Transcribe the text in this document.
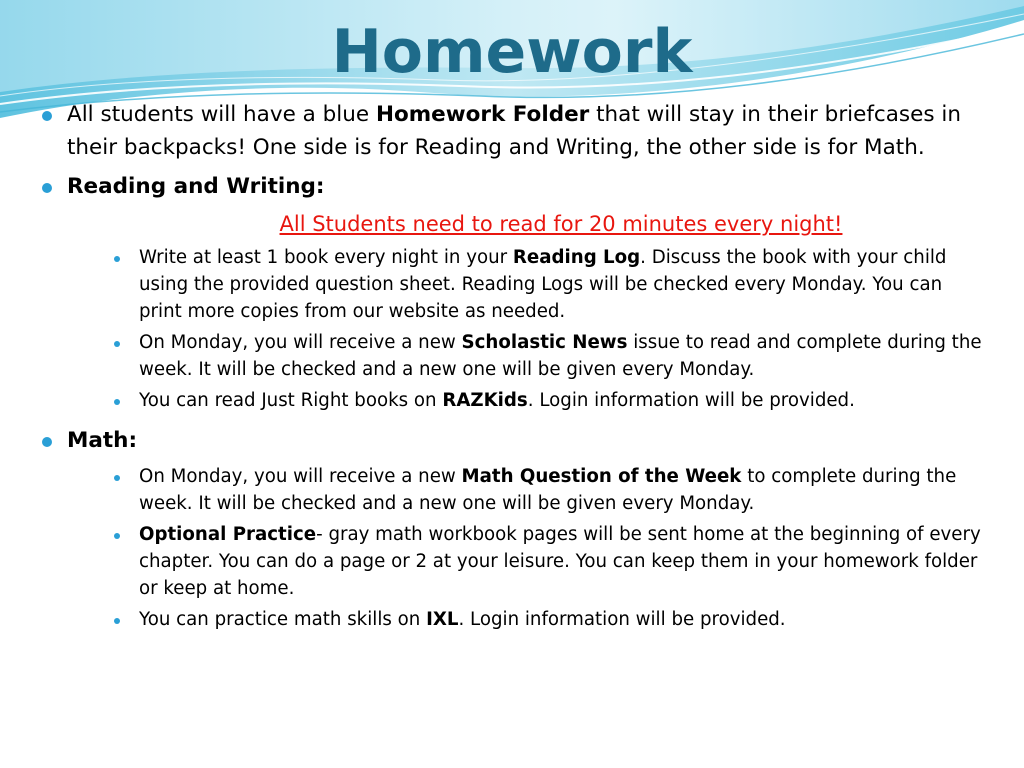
Homework
All students will have a blue Homework Folder that will stay in their briefcases in their backpacks! One side is for Reading and Writing, the other side is for Math.
Reading and Writing:
All Students need to read for 20 minutes every night!
Write at least 1 book every night in your Reading Log. Discuss the book with your child using the provided question sheet. Reading Logs will be checked every Monday. You can print more copies from our website as needed.
On Monday, you will receive a new Scholastic News issue to read and complete during the week. It will be checked and a new one will be given every Monday.
You can read Just Right books on RAZKids. Login information will be provided.
Math:
On Monday, you will receive a new Math Question of the Week to complete during the week. It will be checked and a new one will be given every Monday.
Optional Practice- gray math workbook pages will be sent home at the beginning of every chapter. You can do a page or 2 at your leisure. You can keep them in your homework folder or keep at home.
You can practice math skills on IXL. Login information will be provided.
